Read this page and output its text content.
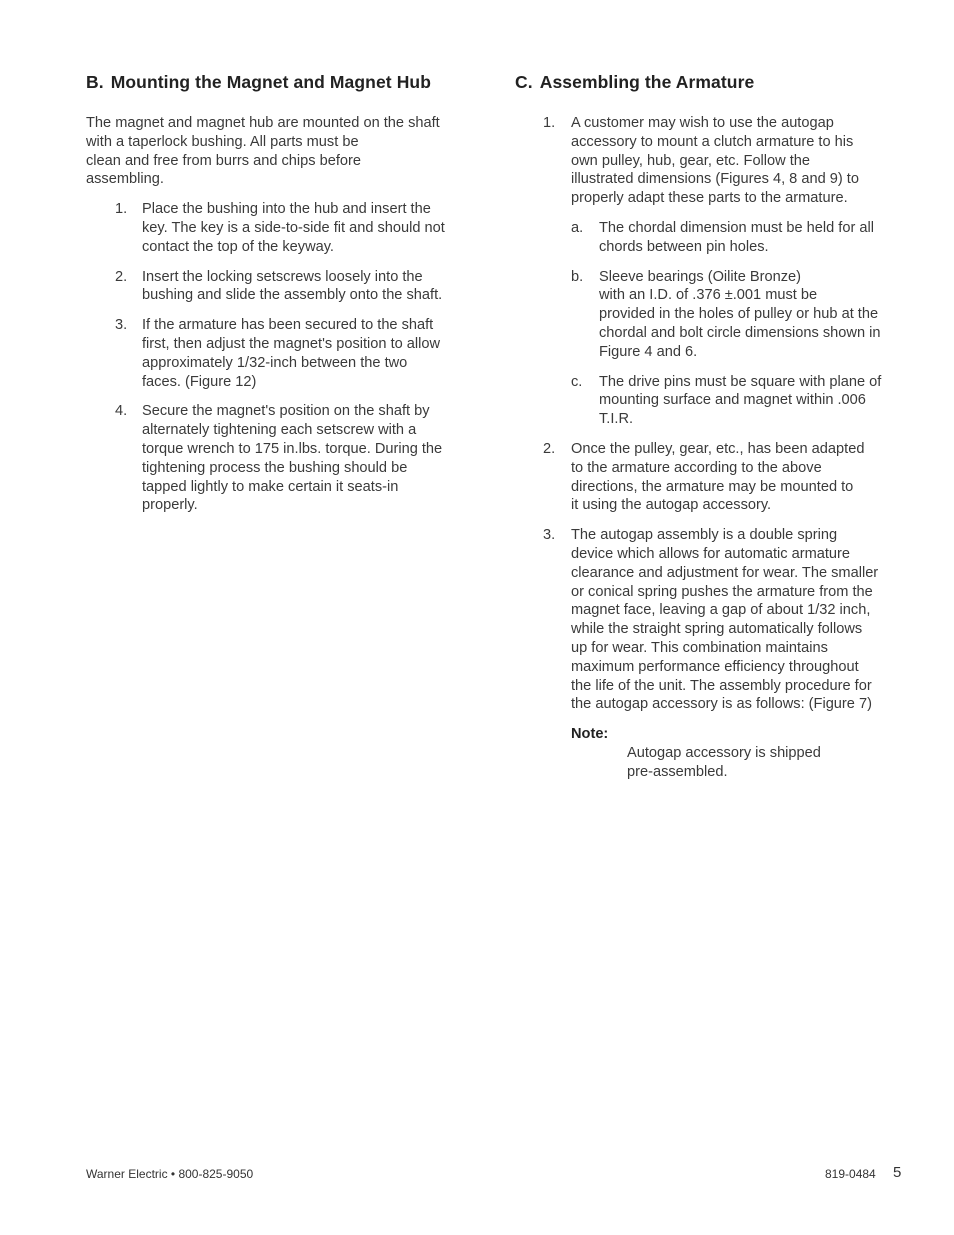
B. Mounting the Magnet and Magnet Hub

The magnet and magnet hub are mounted on the shaft
with a taperlock bushing. All parts must be
clean and free from burrs and chips before
assembling.

1. Place the bushing into the hub and insert the
key. The key is a side-to-side fit and should not
contact the top of the keyway.
2. Insert the locking setscrews loosely into the
bushing and slide the assembly onto the shaft.
3. If the armature has been secured to the shaft
first, then adjust the magnet's position to allow
approximately 1/32-inch between the two
faces. (Figure 12)
4. Secure the magnet's position on the shaft by
alternately tightening each setscrew with a
torque wrench to 175 in.lbs. torque. During the
tightening process the bushing should be
tapped lightly to make certain it seats-in
properly.
C. Assembling the Armature
1. A customer may wish to use the autogap
accessory to mount a clutch armature to his
own pulley, hub, gear, etc. Follow the
illustrated dimensions (Figures 4, 8 and 9) to
properly adapt these parts to the armature.
a. The chordal dimension must be held for all
chords between pin holes.
b. Sleeve bearings (Oilite Bronze)
with an I.D. of .376 ±.001 must be
provided in the holes of pulley or hub at the
chordal and bolt circle dimensions shown in
Figure 4 and 6.
c. The drive pins must be square with plane of
mounting surface and magnet within .006
T.I.R.
2. Once the pulley, gear, etc., has been adapted
to the armature according to the above
directions, the armature may be mounted to
it using the autogap accessory.
3. The autogap assembly is a double spring
device which allows for automatic armature
clearance and adjustment for wear. The smaller
or conical spring pushes the armature from the
magnet face, leaving a gap of about 1/32 inch,
while the straight spring automatically follows
up for wear. This combination maintains
maximum performance efficiency throughout
the life of the unit. The assembly procedure for
the autogap accessory is as follows: (Figure 7)

Note:
Autogap accessory is shipped
pre-assembled.

Warner Electric • 800-825-9050	819-0484 5
